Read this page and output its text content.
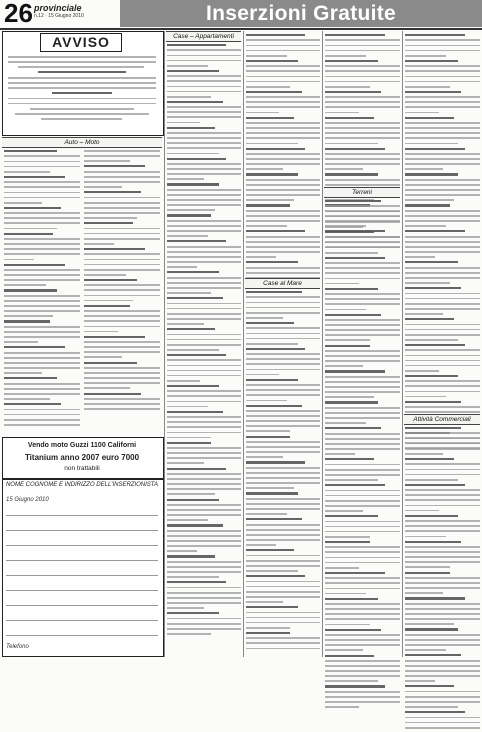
26 provinciale
n.12 · 15 Giugno 2010	Inserzioni Gratuite
AVVISO
Auto – Moto
Vendo moto Guzzi 1100 Californi
Titanium anno 2007 euro 7000
non trattabili
NOME COGNOME E INDIRIZZO DELL'INSERZIONISTA
15 Giugno 2010
Telefono
Case – Appartamenti
Case al Mare
Terreni
Attività Commerciali
